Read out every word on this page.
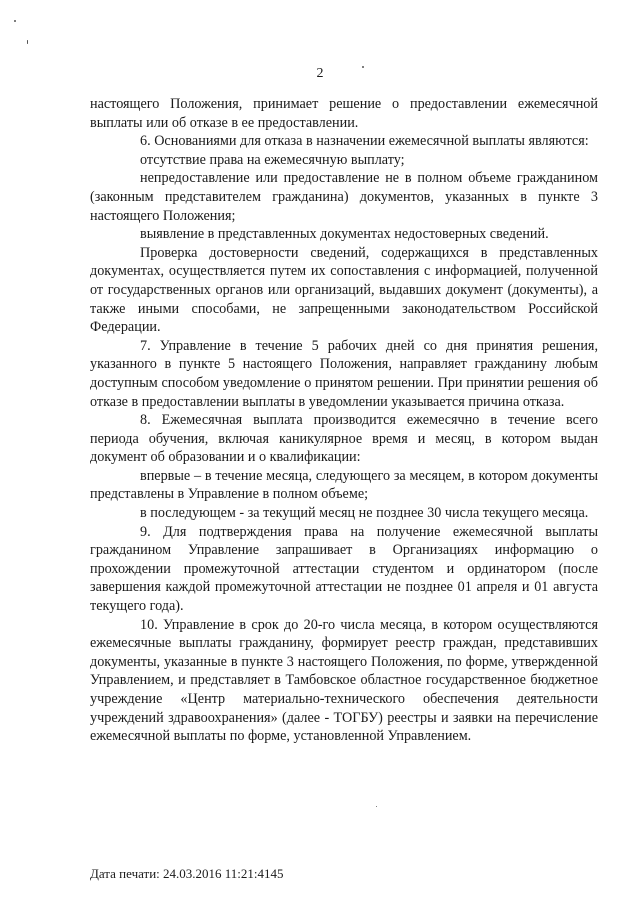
2

настоящего Положения, принимает решение о предоставлении ежемесячной выплаты или об отказе в ее предоставлении.

6. Основаниями для отказа в назначении ежемесячной выплаты являются:

отсутствие права на ежемесячную выплату;

непредоставление или предоставление не в полном объеме гражданином (законным представителем гражданина) документов, указанных в пункте 3 настоящего Положения;

выявление в представленных документах недостоверных сведений.

Проверка достоверности сведений, содержащихся в представленных документах, осуществляется путем их сопоставления с информацией, полученной от государственных органов или организаций, выдавших документ (документы), а также иными способами, не запрещенными законодательством Российской Федерации.

7. Управление в течение 5 рабочих дней со дня принятия решения, указанного в пункте 5 настоящего Положения, направляет гражданину любым доступным способом уведомление о принятом решении. При принятии решения об отказе в предоставлении выплаты в уведомлении указывается причина отказа.

8. Ежемесячная выплата производится ежемесячно в течение всего периода обучения, включая каникулярное время и месяц, в котором выдан документ об образовании и о квалификации:

впервые – в течение месяца, следующего за месяцем, в котором документы представлены в Управление в полном объеме;

в последующем - за текущий месяц не позднее 30 числа текущего месяца.

9. Для подтверждения права на получение ежемесячной выплаты гражданином Управление запрашивает в Организациях информацию о прохождении промежуточной аттестации студентом и ординатором (после завершения каждой промежуточной аттестации не позднее 01 апреля и 01 августа текущего года).

10. Управление в срок до 20-го числа месяца, в котором осуществляются ежемесячные выплаты гражданину, формирует реестр граждан, представивших документы, указанные в пункте 3 настоящего Положения, по форме, утвержденной Управлением, и представляет в Тамбовское областное государственное бюджетное учреждение «Центр материально-технического обеспечения деятельности учреждений здравоохранения» (далее - ТОГБУ) реестры и заявки на перечисление ежемесячной выплаты по форме, установленной Управлением.

Дата печати: 24.03.2016 11:21:4145
